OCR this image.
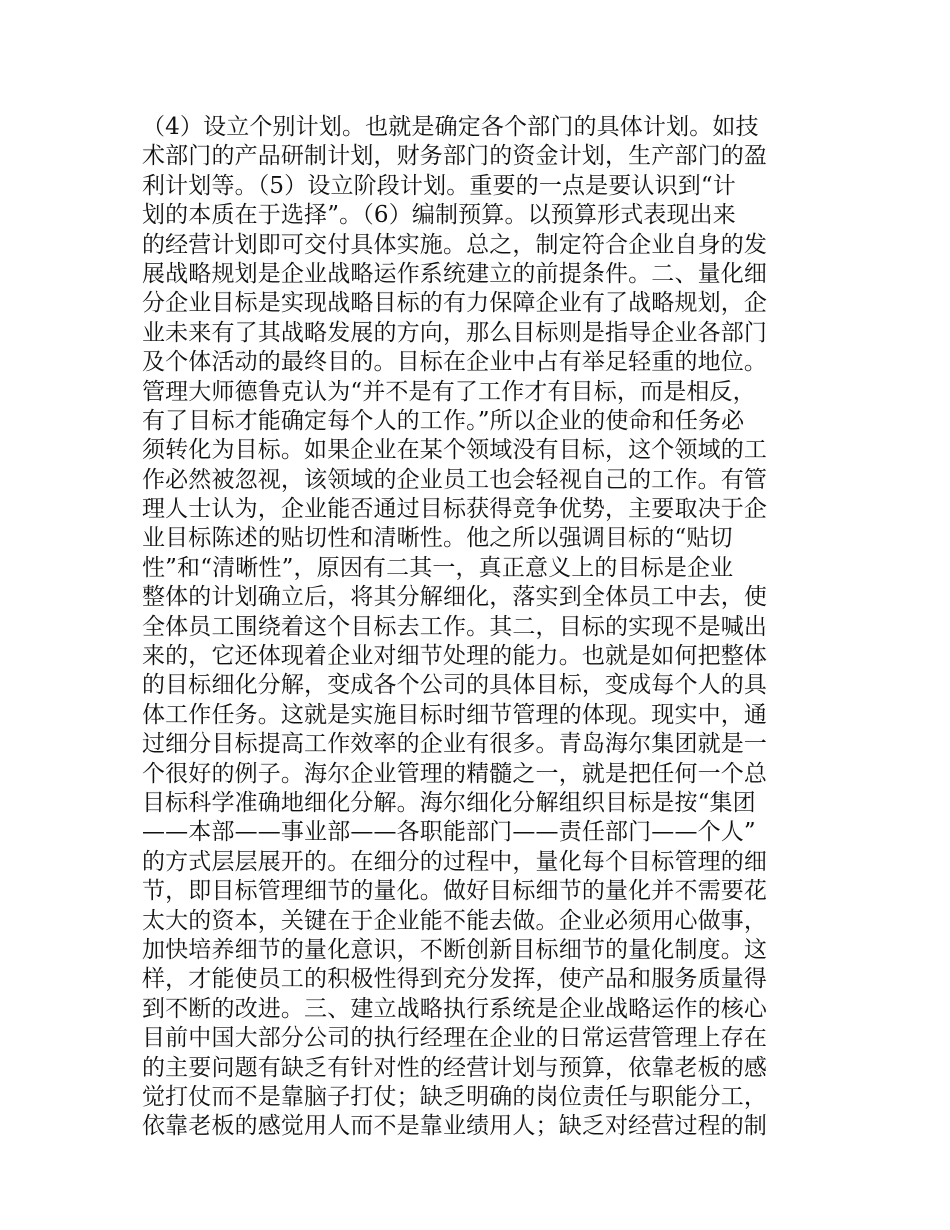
（4）设立个别计划。也就是确定各个部门的具体计划。如技
术部门的产品研制计划，财务部门的资金计划，生产部门的盈
利计划等。（5）设立阶段计划。重要的一点是要认识到“计
划的本质在于选择”。（6）编制预算。以预算形式表现出来
的经营计划即可交付具体实施。总之，制定符合企业自身的发
展战略规划是企业战略运作系统建立的前提条件。二、量化细
分企业目标是实现战略目标的有力保障企业有了战略规划，企
业未来有了其战略发展的方向，那么目标则是指导企业各部门
及个体活动的最终目的。目标在企业中占有举足轻重的地位。
管理大师德鲁克认为“并不是有了工作才有目标，而是相反，
有了目标才能确定每个人的工作。”所以企业的使命和任务必
须转化为目标。如果企业在某个领域没有目标，这个领域的工
作必然被忽视，该领域的企业员工也会轻视自己的工作。有管
理人士认为，企业能否通过目标获得竞争优势，主要取决于企
业目标陈述的贴切性和清晰性。他之所以强调目标的“贴切
性”和“清晰性”，原因有二其一，真正意义上的目标是企业
整体的计划确立后，将其分解细化，落实到全体员工中去，使
全体员工围绕着这个目标去工作。其二，目标的实现不是喊出
来的，它还体现着企业对细节处理的能力。也就是如何把整体
的目标细化分解，变成各个公司的具体目标，变成每个人的具
体工作任务。这就是实施目标时细节管理的体现。现实中，通
过细分目标提高工作效率的企业有很多。青岛海尔集团就是一
个很好的例子。海尔企业管理的精髓之一，就是把任何一个总
目标科学准确地细化分解。海尔细化分解组织目标是按“集团
——本部——事业部——各职能部门——责任部门——个人”
的方式层层展开的。在细分的过程中，量化每个目标管理的细
节，即目标管理细节的量化。做好目标细节的量化并不需要花
太大的资本，关键在于企业能不能去做。企业必须用心做事，
加快培养细节的量化意识，不断创新目标细节的量化制度。这
样，才能使员工的积极性得到充分发挥，使产品和服务质量得
到不断的改进。三、建立战略执行系统是企业战略运作的核心
目前中国大部分公司的执行经理在企业的日常运营管理上存在
的主要问题有缺乏有针对性的经营计划与预算，依靠老板的感
觉打仗而不是靠脑子打仗；缺乏明确的岗位责任与职能分工，
依靠老板的感觉用人而不是靠业绩用人；缺乏对经营过程的制
